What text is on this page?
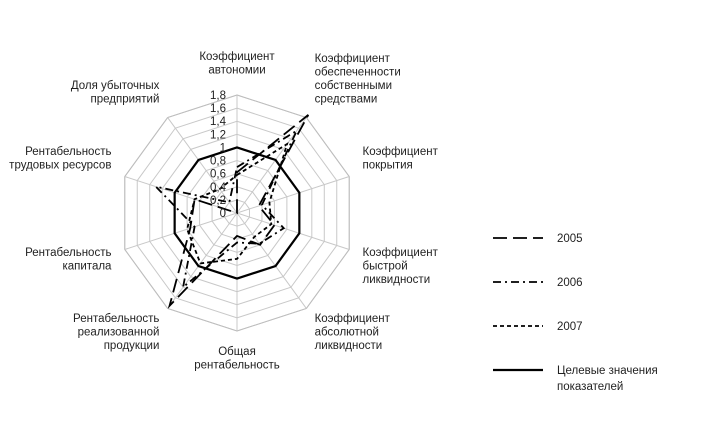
0
0,2
0,4
0,6
0,8
1
1,2
1,4
1,6
1,8
Коэффициент автономии
Коэффициент обеспеченности собственными средствами
Коэффициент покрытия
Коэффициент быстрой ликвидности
Коэффициент абсолютной ликвидности
Общая рентабельность
Рентабельность реализованной продукции
Рентабельность капитала
Рентабельность трудовых ресурсов
Доля убыточных предприятий
2005
2006
2007
Целевые значения показателей
